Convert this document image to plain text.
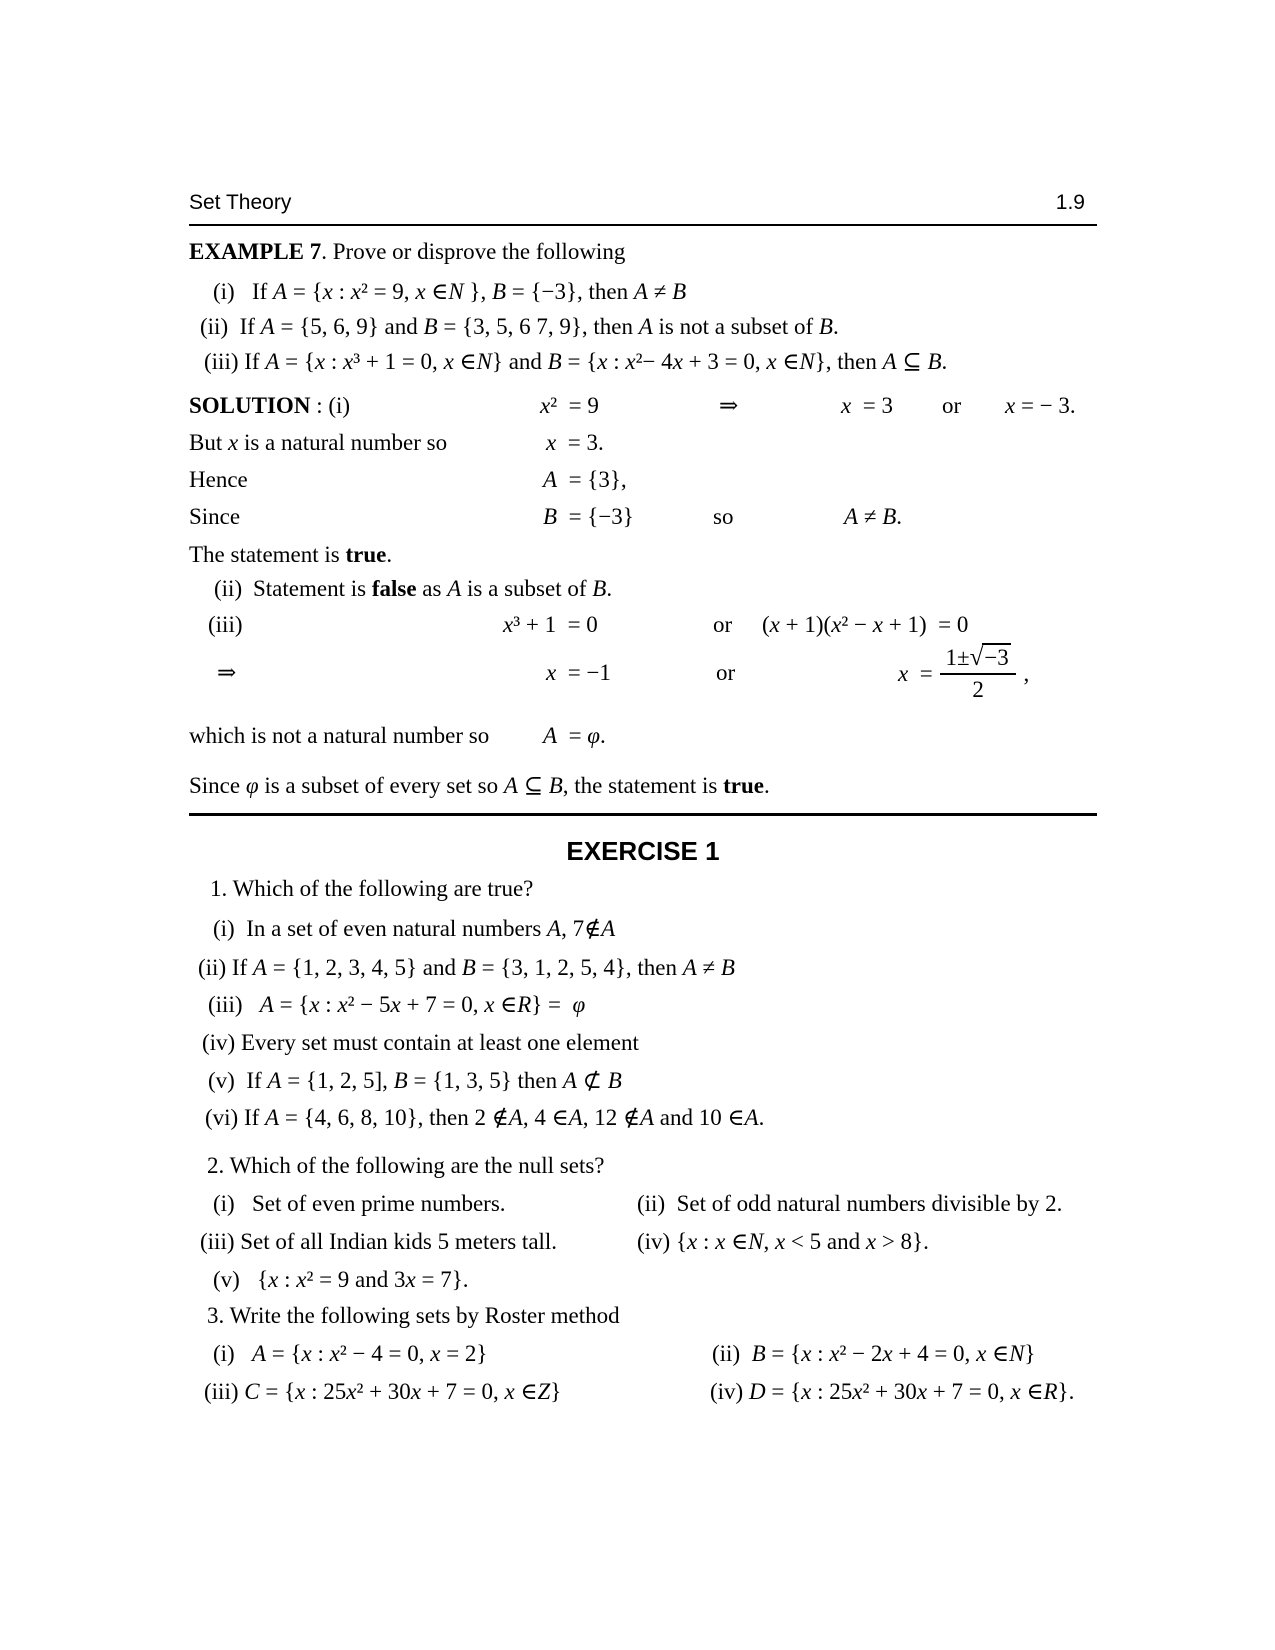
Set Theory	1.9
EXAMPLE 7. Prove or disprove the following
(i)   If A = {x : x² = 9, x ∈N }, B = {−3}, then A ≠ B
(ii)  If A = {5, 6, 9} and B = {3, 5, 6 7, 9}, then A is not a subset of B.
(iii) If A = {x : x³ + 1 = 0, x ∈N} and B = {x : x²− 4x + 3 = 0, x ∈N}, then A ⊆ B.
SOLUTION : (i)	x²  = 9	⇒	x  = 3 or x = − 3.
But x is a natural number so	x  = 3.
Hence	A  = {3},
Since	B  = {−3}	so	A ≠ B.
The statement is true.
(ii) Statement is false as A is a subset of B.
(iii)	x³ + 1  = 0	or (x + 1)(x² − x + 1)  = 0
⇒	x  = −1	or	$x = \frac{1\pm√-3}{2}$ ,
which is not a natural number so A  = φ.
Since φ is a subset of every set so A ⊆ B, the statement is true.
EXERCISE 1
1. Which of the following are true?
(i)  In a set of even natural numbers A, 7∉A
(ii) If A = {1, 2, 3, 4, 5} and B = {3, 1, 2, 5, 4}, then A ≠ B
(iii)   A = {x : x² − 5x + 7 = 0, x ∈R} =  φ
(iv) Every set must contain at least one element
(v)  If A = {1, 2, 5], B = {1, 3, 5} then A ⊄ B
(vi) If A = {4, 6, 8, 10}, then 2 ∉A, 4 ∈A, 12 ∉A and 10 ∈A.
2. Which of the following are the null sets?
(i)   Set of even prime numbers.	(ii)  Set of odd natural numbers divisible by 2.
(iii) Set of all Indian kids 5 meters tall.	(iv) {x : x ∈N, x < 5 and x > 8}.
(v)   {x : x² = 9 and 3x = 7}.
3. Write the following sets by Roster method
(i)   A = {x : x² − 4 = 0, x = 2}	(ii)  B = {x : x² − 2x + 4 = 0, x ∈N}
(iii) C = {x : 25x² + 30x + 7 = 0, x ∈Z}	(iv) D = {x : 25x² + 30x + 7 = 0, x ∈R}.
